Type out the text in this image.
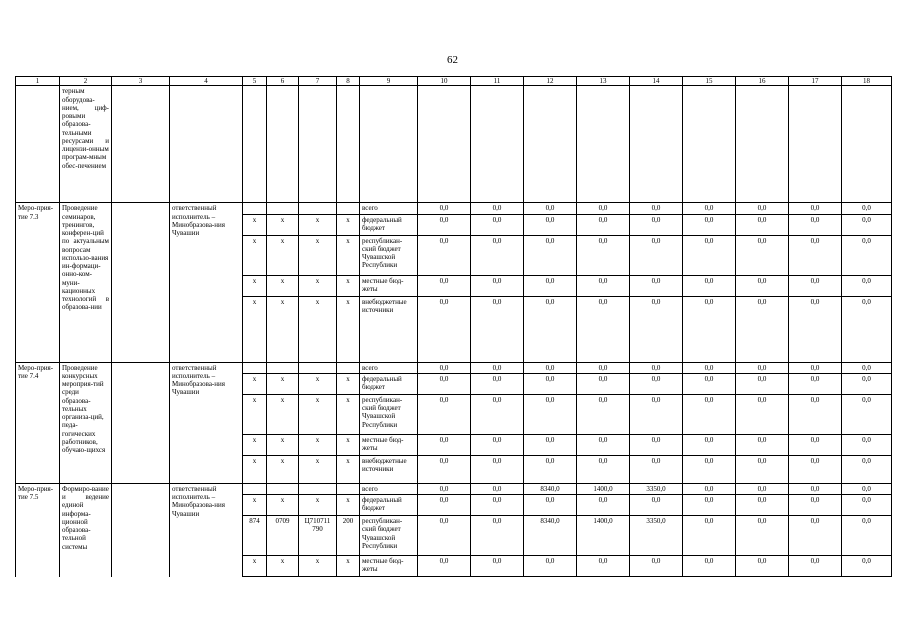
62
1	2	3	4	5	6	7	8	9	10	11	12	13	14	15	16	17	18
	терным оборудова-нием, циф-ровыми образова-тельными ресурсами и лицензи-онным програм-мным обес-печением																
Меро-прия-тие 7.3	Проведение семинаров, тренингов, конферен-ций по актуальным вопросам использо-вания ин-формаци-онно-ком-муни-кационных технологий в образова-нии		ответственный исполнитель – Минобразова-ния Чувашии					всего	0,0	0,0	0,0	0,0	0,0	0,0	0,0	0,0	0,0
				x	x	x	x	федеральный бюджет	0,0	0,0	0,0	0,0	0,0	0,0	0,0	0,0	0,0
				x	x	x	x	республикан-ский бюджет Чувашской Республики	0,0	0,0	0,0	0,0	0,0	0,0	0,0	0,0	0,0
				x	x	x	x	местные бюд-жеты	0,0	0,0	0,0	0,0	0,0	0,0	0,0	0,0	0,0
				x	x	x	x	внебюджетные источники	0,0	0,0	0,0	0,0	0,0	0,0	0,0	0,0	0,0
Меро-прия-тие 7.4	Проведение конкурсных мероприя-тий среди образова-тельных организа-ций, педа-гогических работников, обучаю-щихся		ответственный исполнитель – Минобразова-ния Чувашии					всего	0,0	0,0	0,0	0,0	0,0	0,0	0,0	0,0	0,0
				x	x	x	x	федеральный бюджет	0,0	0,0	0,0	0,0	0,0	0,0	0,0	0,0	0,0
				x	x	x	x	республикан-ский бюджет Чувашской Республики	0,0	0,0	0,0	0,0	0,0	0,0	0,0	0,0	0,0
				x	x	x	x	местные бюд-жеты	0,0	0,0	0,0	0,0	0,0	0,0	0,0	0,0	0,0
				x	x	x	x	внебюджетные источники	0,0	0,0	0,0	0,0	0,0	0,0	0,0	0,0	0,0
Меро-прия-тие 7.5	Формиро-вание и ведение единой информа-ционной образова-тельной системы		ответственный исполнитель – Минобразова-ния Чувашии					всего	0,0	0,0	8340,0	1400,0	3350,0	0,0	0,0	0,0	0,0
				x	x	x	x	федеральный бюджет	0,0	0,0	0,0	0,0	0,0	0,0	0,0	0,0	0,0
				874	0709	Ц710711 790	200	республикан-ский бюджет Чувашской Республики	0,0	0,0	8340,0	1400,0	3350,0	0,0	0,0	0,0	0,0
				x	x	x	x	местные бюд-жеты	0,0	0,0	0,0	0,0	0,0	0,0	0,0	0,0	0,0
